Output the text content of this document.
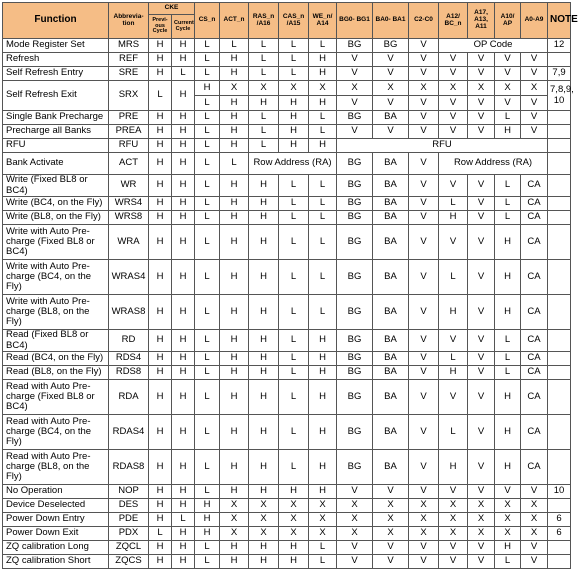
Function	Abbrevia-tion	CKE		CS_n	ACT_n	RAS_n /A16	CAS_n /A15	WE_n/ A14	BG0- BG1	BA0- BA1	C2-C0	A12/ BC_n	A17, A13, A11	A10/ AP	A0-A9	NOTE
		Previ-ous Cycle	Current Cycle													
Mode Register Set	MRS	H	H	L	L	L	L	L	BG	BG	V	OP Code				12
Refresh	REF	H	H	L	H	L	L	H	V	V	V	V	V	V	V	
Self Refresh Entry	SRE	H	L	L	H	L	L	H	V	V	V	V	V	V	V	7,9
Self Refresh Exit	SRX	L	H	H	X	X	X	X	X	X	X	X	X	X	X	7,8,9, 10
				L	H	H	H	H	V	V	V	V	V	V	V	
Single Bank Precharge	PRE	H	H	L	H	L	H	L	BG	BA	V	V	V	L	V	
Precharge all Banks	PREA	H	H	L	H	L	H	L	V	V	V	V	V	H	V	
RFU	RFU	H	H	L	H	L	H	H	RFU							
Bank Activate	ACT	H	H	L	L	Row Address (RA)			BG	BA	V	Row Address (RA)				
Write (Fixed BL8 or BC4)	WR	H	H	L	H	H	L	L	BG	BA	V	V	V	L	CA	
Write (BC4, on the Fly)	WRS4	H	H	L	H	H	L	L	BG	BA	V	L	V	L	CA	
Write (BL8, on the Fly)	WRS8	H	H	L	H	H	L	L	BG	BA	V	H	V	L	CA	
Write with Auto Pre-charge (Fixed BL8 or BC4)	WRA	H	H	L	H	H	L	L	BG	BA	V	V	V	H	CA	
Write with Auto Pre-charge (BC4, on the Fly)	WRAS4	H	H	L	H	H	L	L	BG	BA	V	L	V	H	CA	
Write with Auto Pre-charge (BL8, on the Fly)	WRAS8	H	H	L	H	H	L	L	BG	BA	V	H	V	H	CA	
Read (Fixed BL8 or BC4)	RD	H	H	L	H	H	L	H	BG	BA	V	V	V	L	CA	
Read (BC4, on the Fly)	RDS4	H	H	L	H	H	L	H	BG	BA	V	L	V	L	CA	
Read (BL8, on the Fly)	RDS8	H	H	L	H	H	L	H	BG	BA	V	H	V	L	CA	
Read with Auto Pre-charge (Fixed BL8 or BC4)	RDA	H	H	L	H	H	L	H	BG	BA	V	V	V	H	CA	
Read with Auto Pre-charge (BC4, on the Fly)	RDAS4	H	H	L	H	H	L	H	BG	BA	V	L	V	H	CA	
Read with Auto Pre-charge (BL8, on the Fly)	RDAS8	H	H	L	H	H	L	H	BG	BA	V	H	V	H	CA	
No Operation	NOP	H	H	L	H	H	H	H	V	V	V	V	V	V	V	10
Device Deselected	DES	H	H	H	X	X	X	X	X	X	X	X	X	X	X	
Power Down Entry	PDE	H	L	H	X	X	X	X	X	X	X	X	X	X	X	6
Power Down Exit	PDX	L	H	H	X	X	X	X	X	X	X	X	X	X	X	6
ZQ calibration Long	ZQCL	H	H	L	H	H	H	L	V	V	V	V	V	H	V	
ZQ calibration Short	ZQCS	H	H	L	H	H	H	L	V	V	V	V	V	L	V	
